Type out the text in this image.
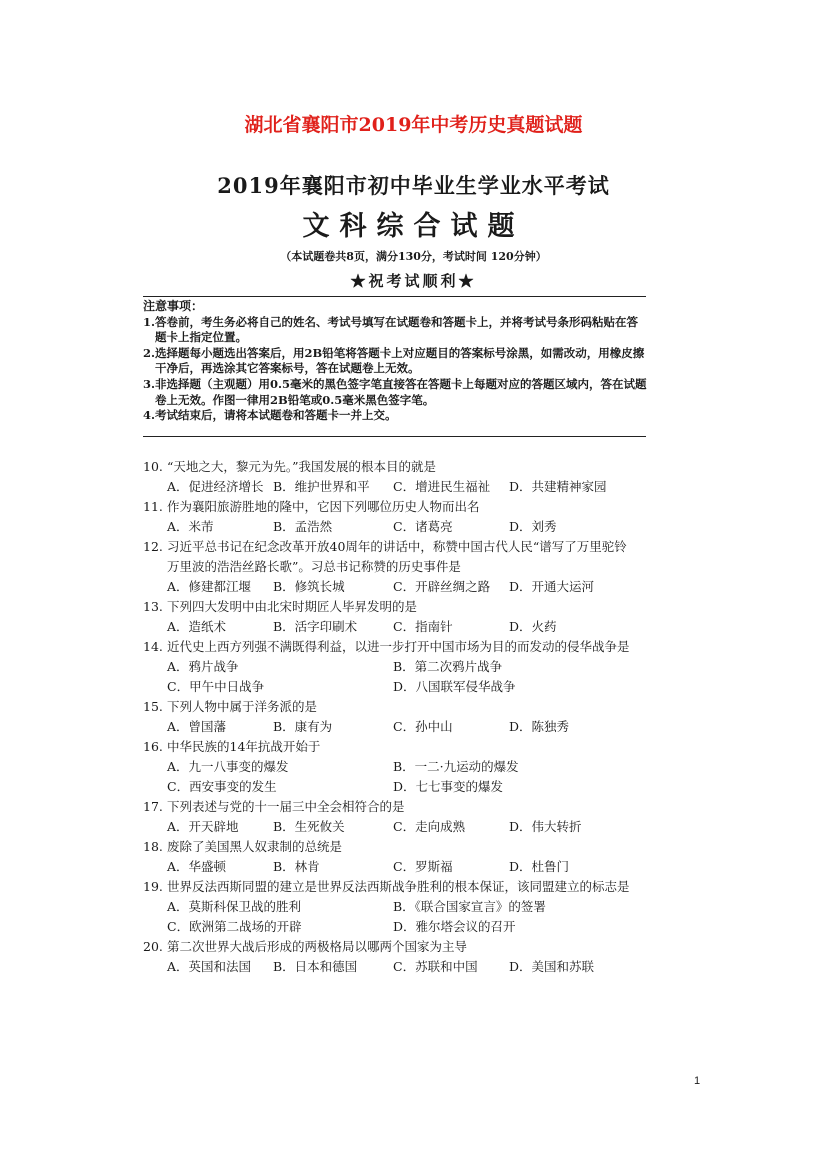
湖北省襄阳市2019年中考历史真题试题
2019年襄阳市初中毕业生学业水平考试
文科综合试题
（本试题卷共8页，满分130分，考试时间 120分钟）
★祝考试顺利★
注意事项：
1. 答卷前，考生务必将自己的姓名、考试号填写在试题卷和答题卡上，并将考试号条形码粘贴在答题卡上指定位置。
2. 选择题每小题选出答案后，用2B铅笔将答题卡上对应题目的答案标号涂黑，如需改动，用橡皮擦干净后，再选涂其它答案标号，答在试题卷上无效。
3. 非选择题（主观题）用0.5毫米的黑色签字笔直接答在答题卡上每题对应的答题区域内，答在试题卷上无效。作图一律用2B铅笔或0.5毫米黑色签字笔。
4. 考试结束后，请将本试题卷和答题卡一并上交。
10. “天地之大，黎元为先。”我国发展的根本目的就是
A．促进经济增长 B．维护世界和平 C．增进民生福祉 D．共建精神家园
11. 作为襄阳旅游胜地的隆中，它因下列哪位历史人物而出名
A．米芾	B．孟浩然	C．诸葛亮	D．刘秀
12. 习近平总书记在纪念改革开放40周年的讲话中，称赞中国古代人民“谱写了万里驼铃
万里波的浩浩丝路长歌”。习总书记称赞的历史事件是
A．修建都江堰 B．修筑长城	C．开辟丝绸之路 D．开通大运河
13. 下列四大发明中由北宋时期匠人毕昇发明的是
A．造纸术	B．活字印刷术	C．指南针	D．火药
14. 近代史上西方列强不满既得利益，以进一步打开中国市场为目的而发动的侵华战争是
A．鸦片战争	B．第二次鸦片战争
C．甲午中日战争	D．八国联军侵华战争
15. 下列人物中属于洋务派的是
A．曾国藩	B．康有为	C．孙中山	D．陈独秀
16. 中华民族的14年抗战开始于
A．九一八事变的爆发	B．一二·九运动的爆发
C．西安事变的发生	D．七七事变的爆发
17. 下列表述与党的十一届三中全会相符合的是
A．开天辟地	B．生死攸关	C．走向成熟	D．伟大转折
18. 废除了美国黑人奴隶制的总统是
A．华盛顿	B．林肯	C．罗斯福	D．杜鲁门
19. 世界反法西斯同盟的建立是世界反法西斯战争胜利的根本保证，该同盟建立的标志是
A．莫斯科保卫战的胜利	B．《联合国家宣言》的签署
C．欧洲第二战场的开辟	D．雅尔塔会议的召开
20. 第二次世界大战后形成的两极格局以哪两个国家为主导
A．英国和法国 B．日本和德国	C．苏联和中国	D．美国和苏联
1
